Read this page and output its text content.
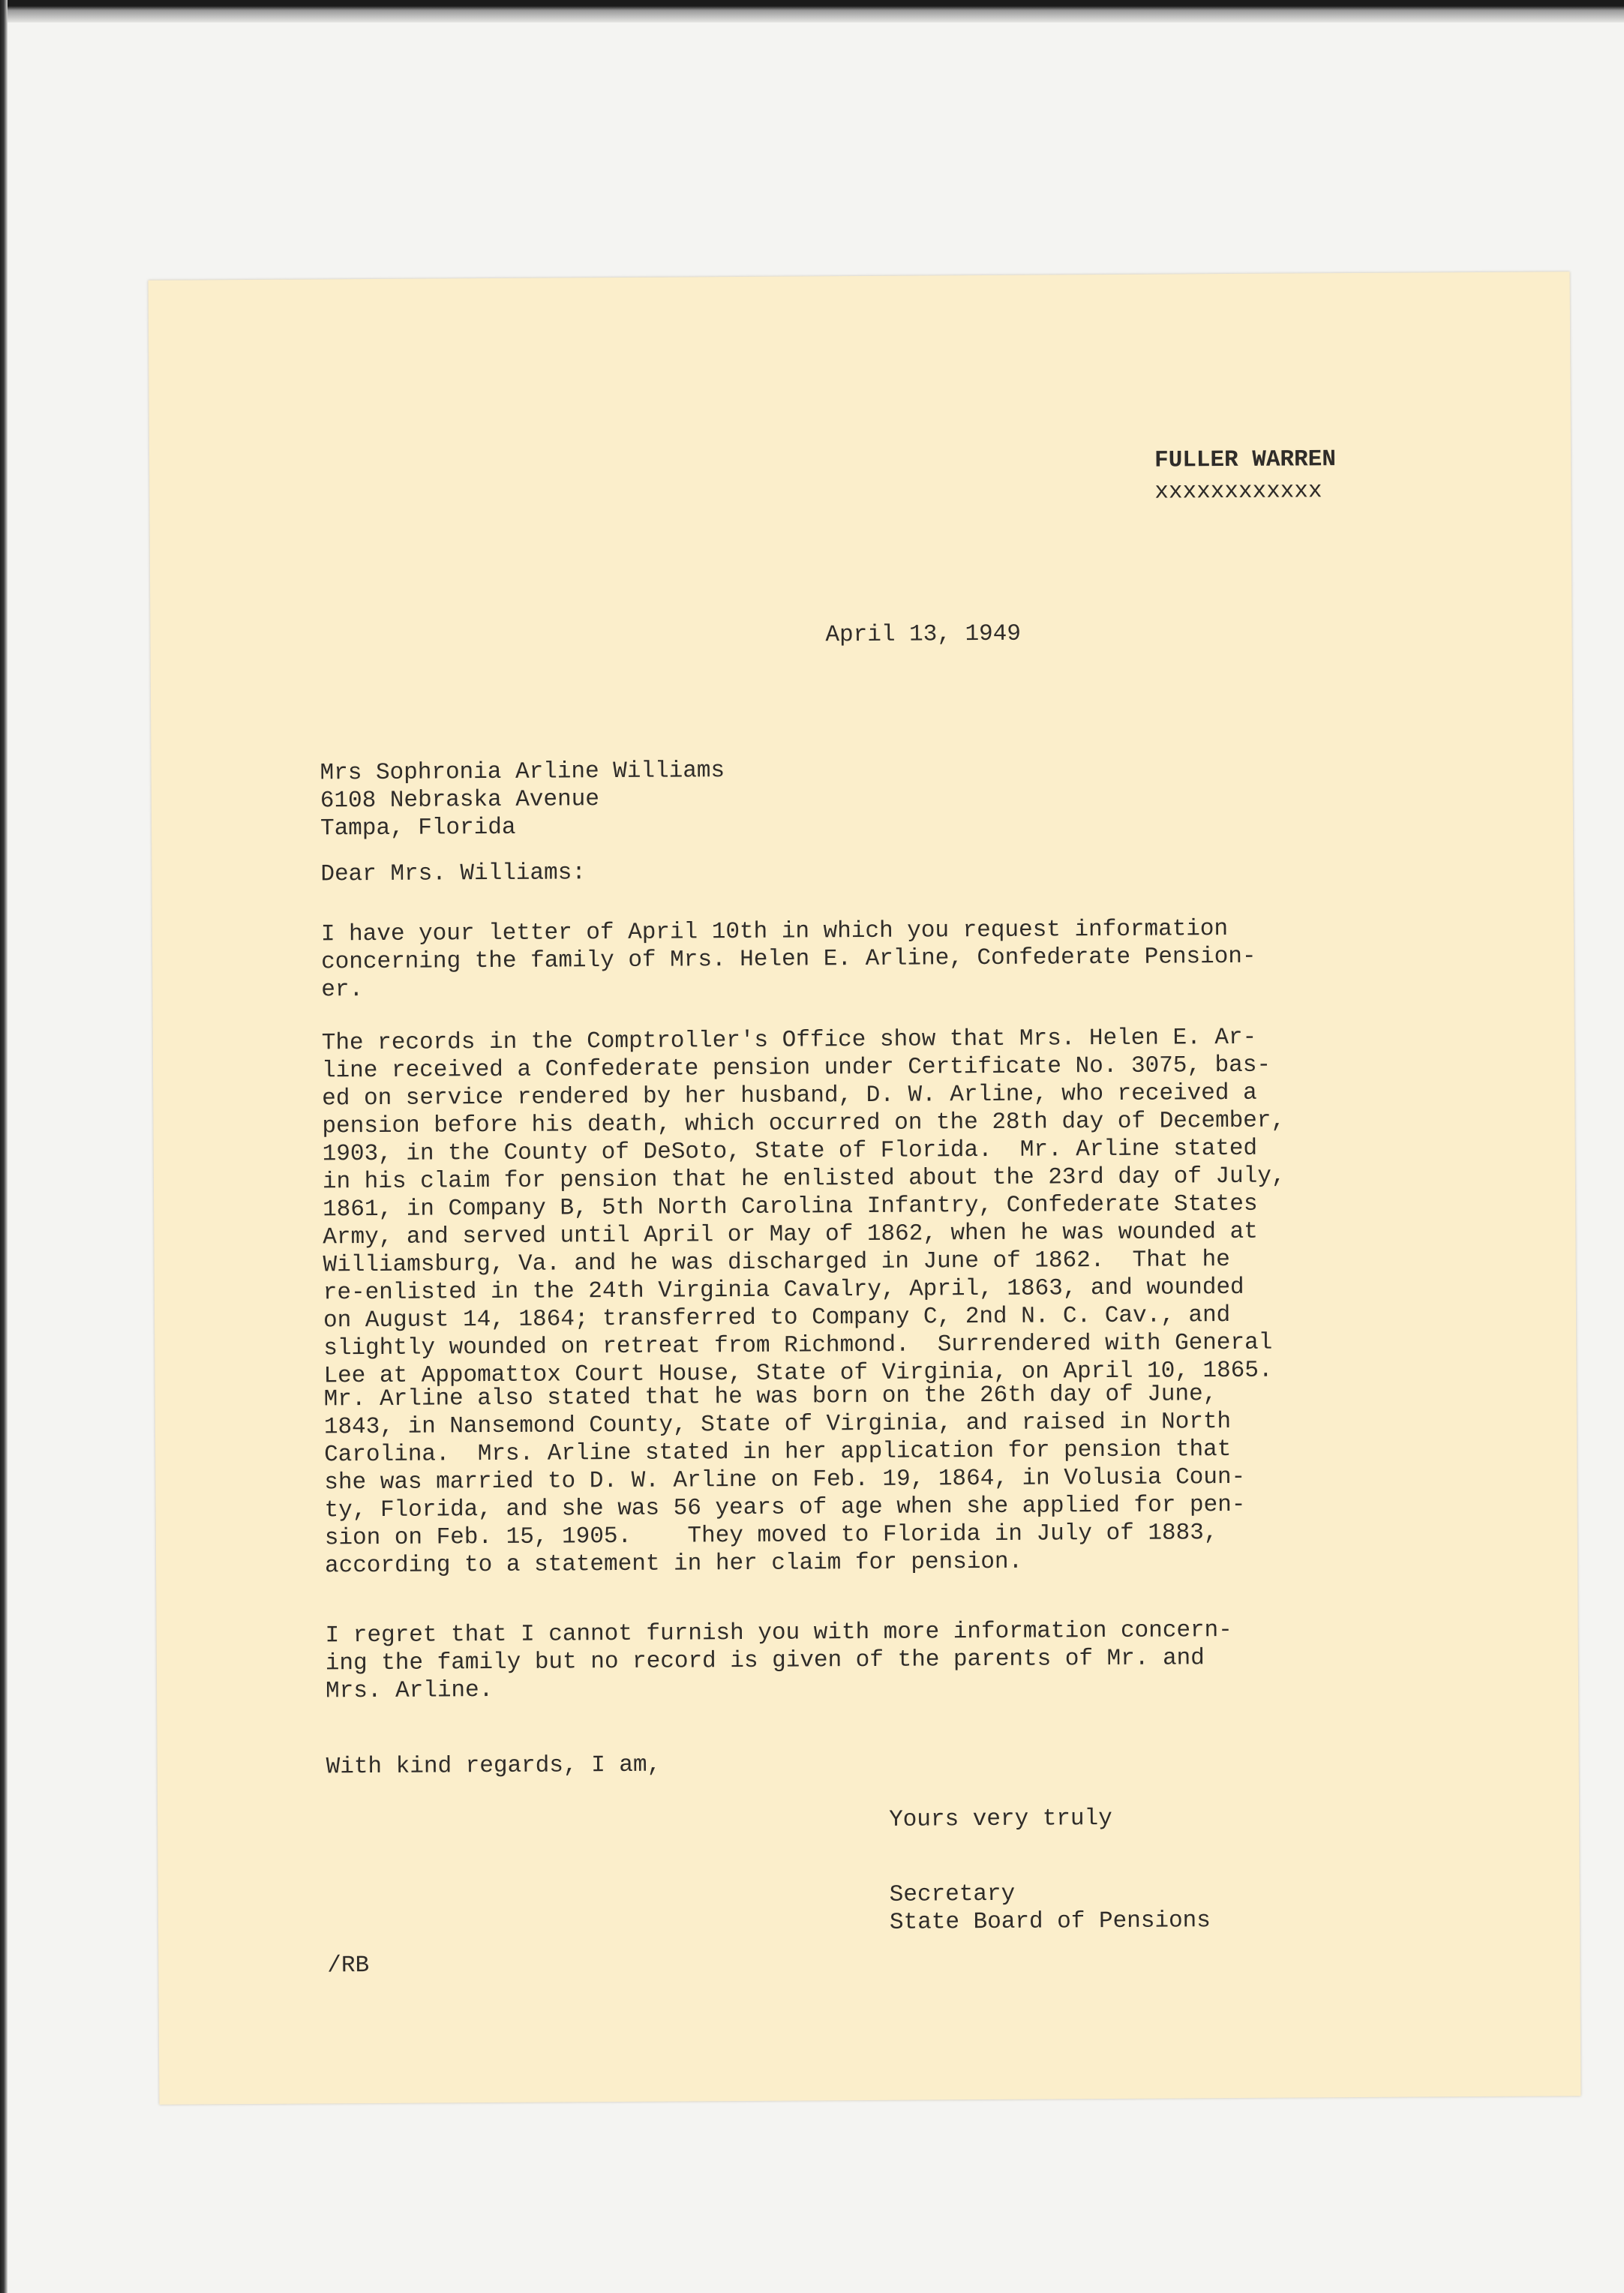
FULLER WARREN
xxxxxxxxxxxx
April 13, 1949
Mrs Sophronia Arline Williams
6108 Nebraska Avenue
Tampa, Florida
Dear Mrs. Williams:
I have your letter of April 10th in which you request information
concerning the family of Mrs. Helen E. Arline, Confederate Pension-
er.
The records in the Comptroller's Office show that Mrs. Helen E. Ar-
line received a Confederate pension under Certificate No. 3075, bas-
ed on service rendered by her husband, D. W. Arline, who received a
pension before his death, which occurred on the 28th day of December,
1903, in the County of DeSoto, State of Florida.  Mr. Arline stated
in his claim for pension that he enlisted about the 23rd day of July,
1861, in Company B, 5th North Carolina Infantry, Confederate States
Army, and served until April or May of 1862, when he was wounded at
Williamsburg, Va. and he was discharged in June of 1862.  That he
re-enlisted in the 24th Virginia Cavalry, April, 1863, and wounded
on August 14, 1864; transferred to Company C, 2nd N. C. Cav., and
slightly wounded on retreat from Richmond.  Surrendered with General
Lee at Appomattox Court House, State of Virginia, on April 10, 1865.
Mr. Arline also stated that he was born on the 26th day of June,
1843, in Nansemond County, State of Virginia, and raised in North
Carolina.  Mrs. Arline stated in her application for pension that
she was married to D. W. Arline on Feb. 19, 1864, in Volusia Coun-
ty, Florida, and she was 56 years of age when she applied for pen-
sion on Feb. 15, 1905.    They moved to Florida in July of 1883,
according to a statement in her claim for pension.
I regret that I cannot furnish you with more information concern-
ing the family but no record is given of the parents of Mr. and
Mrs. Arline.
With kind regards, I am,
Yours very truly
Secretary
State Board of Pensions
/RB
